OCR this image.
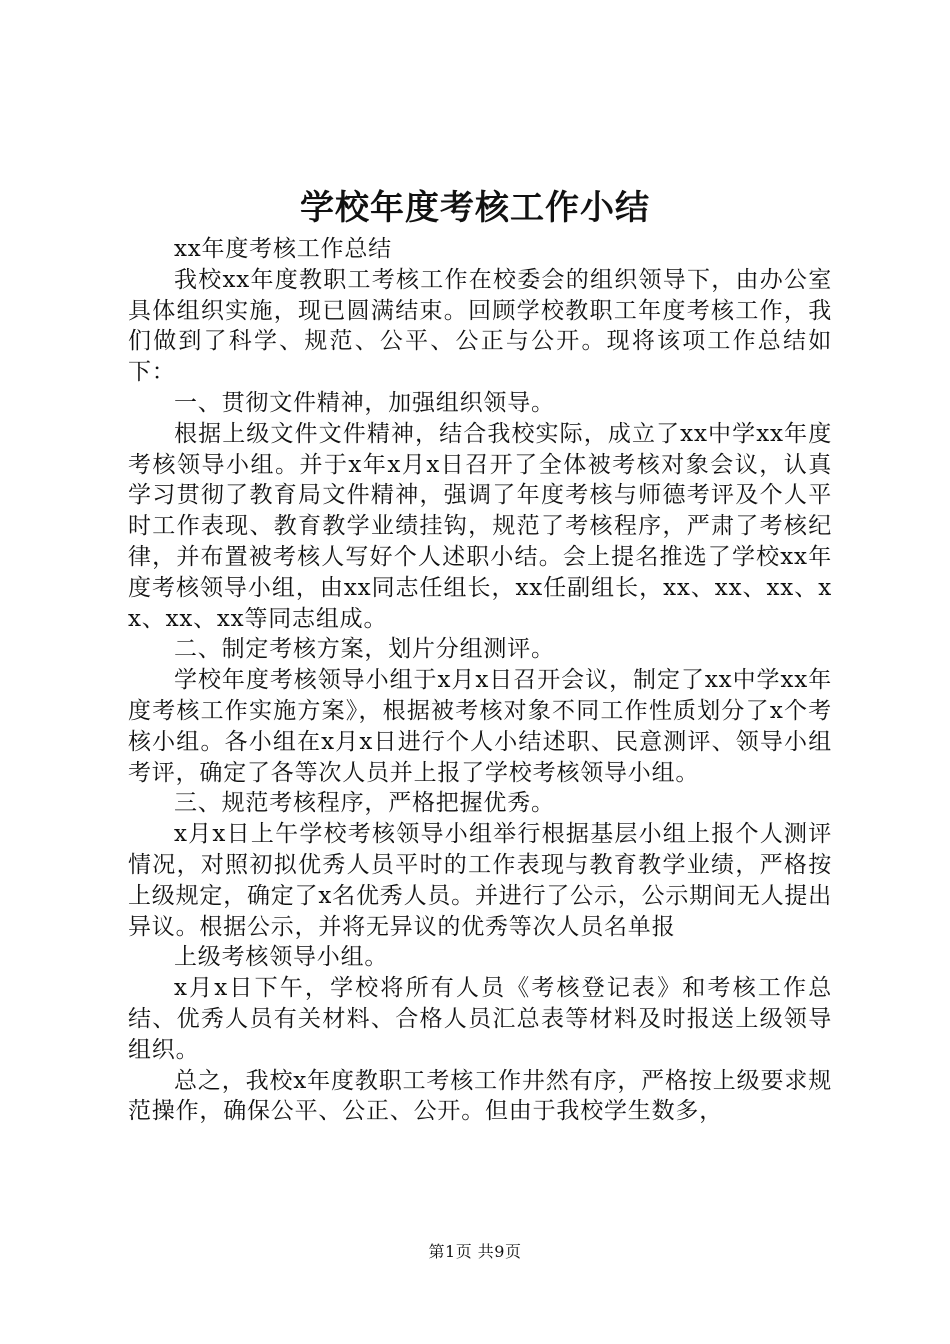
学校年度考核工作小结

xx年度考核工作总结

我校xx年度教职工考核工作在校委会的组织领导下，由办公室具体组织实施，现已圆满结束。回顾学校教职工年度考核工作，我们做到了科学、规范、公平、公正与公开。现将该项工作总结如下：

一、贯彻文件精神，加强组织领导。

根据上级文件文件精神，结合我校实际，成立了xx中学xx年度考核领导小组。并于x年x月x日召开了全体被考核对象会议，认真学习贯彻了教育局文件精神，强调了年度考核与师德考评及个人平时工作表现、教育教学业绩挂钩，规范了考核程序，严肃了考核纪律，并布置被考核人写好个人述职小结。会上提名推选了学校xx年度考核领导小组，由xx同志任组长，xx任副组长，xx、xx、xx、xx、xx、xx等同志组成。

二、制定考核方案，划片分组测评。

学校年度考核领导小组于x月x日召开会议，制定了xx中学xx年度考核工作实施方案》，根据被考核对象不同工作性质划分了x个考核小组。各小组在x月x日进行个人小结述职、民意测评、领导小组考评，确定了各等次人员并上报了学校考核领导小组。

三、规范考核程序，严格把握优秀。

x月x日上午学校考核领导小组举行根据基层小组上报个人测评情况，对照初拟优秀人员平时的工作表现与教育教学业绩，严格按上级规定，确定了x名优秀人员。并进行了公示，公示期间无人提出异议。根据公示，并将无异议的优秀等次人员名单报

上级考核领导小组。

x月x日下午，学校将所有人员《考核登记表》和考核工作总结、优秀人员有关材料、合格人员汇总表等材料及时报送上级领导组织。

总之，我校x年度教职工考核工作井然有序，严格按上级要求规范操作，确保公平、公正、公开。但由于我校学生数多，

第1页 共9页
